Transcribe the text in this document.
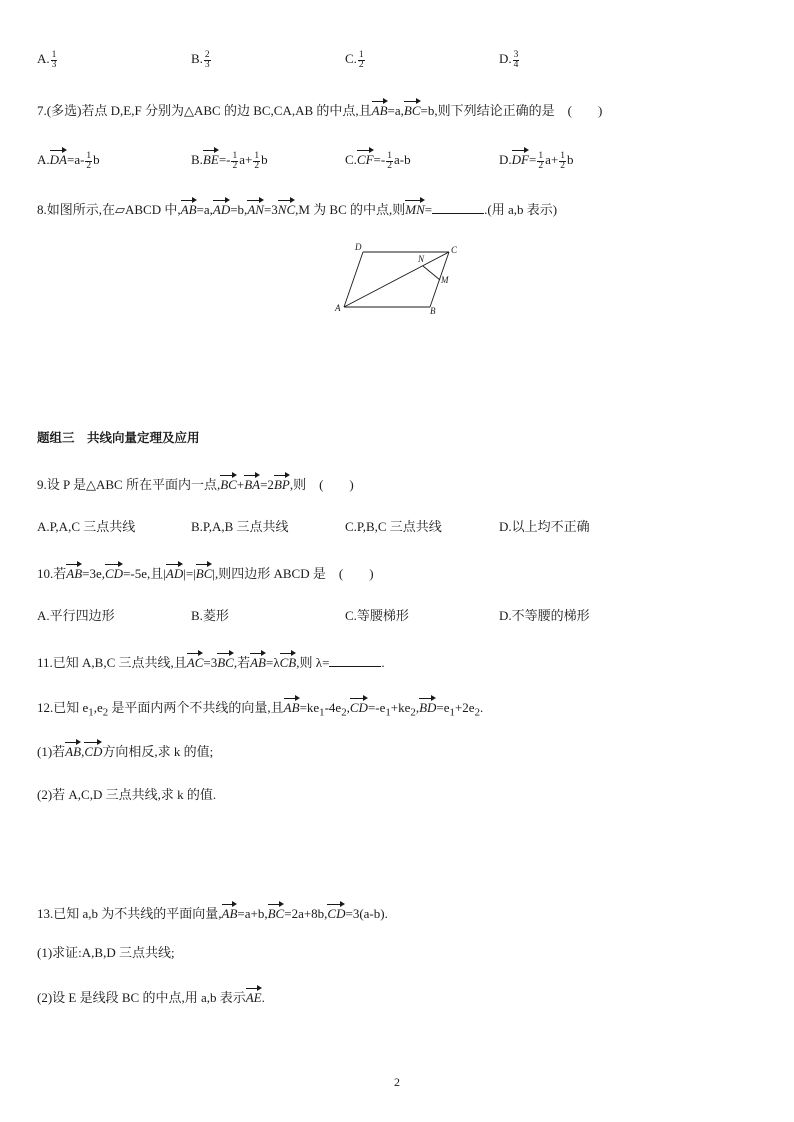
A. $\frac{1}{3}$	B. $\frac{2}{3}$	C. $\frac{1}{2}$	D. $\frac{3}{4}$
7.(多选)若点 D,E,F 分别为△ABC 的边 BC,CA,AB 的中点,且AB=a,BC=b,则下列结论正确的是　(　　)
$A.DA=a- \frac{1}{2}$ b	$B.BE=- \frac{1}{2} a+ \frac{1}{2}$ b	$C.CF=- \frac{1}{2} a-b$	$D.DF= \frac{1}{2} a+ \frac{1}{2}$ b
8.如图所示,在▱ABCD 中,AB=a,AD=b,AN=3NC,M 为 BC 的中点,则MN=	.(用 a,b 表示)
D	C
A	B
N
M
题组三　共线向量定理及应用
9.设 P 是△ABC 所在平面内一点,BC+BA=2BP,则　(　　)
A.P,A,C 三点共线	B.P,A,B 三点共线	C.P,B,C 三点共线	D.以上均不正确
10.若AB=3e,CD=-5e,且|AD|=|BC|,则四边形 ABCD 是　(　　)
A.平行四边形	B.菱形	C.等腰梯形	D.不等腰的梯形
11.已知 A,B,C 三点共线,且AC=3BC,若AB=λCB,则 λ=	.
12.已知 $e_1,e_2$ 是平面内两个不共线的向量,且$AB=ke_1-4e_2,CD=-e_1+ke_2,BD=e_1+2e_2$.
(1)若AB,CD方向相反,求 k 的值;
(2)若 A,C,D 三点共线,求 k 的值.
13.已知 a,b 为不共线的平面向量,AB=a+b,BC=2a+8b,CD=3(a-b).
(1)求证:A,B,D 三点共线;
(2)设 E 是线段 BC 的中点,用 a,b 表示AE.
2
